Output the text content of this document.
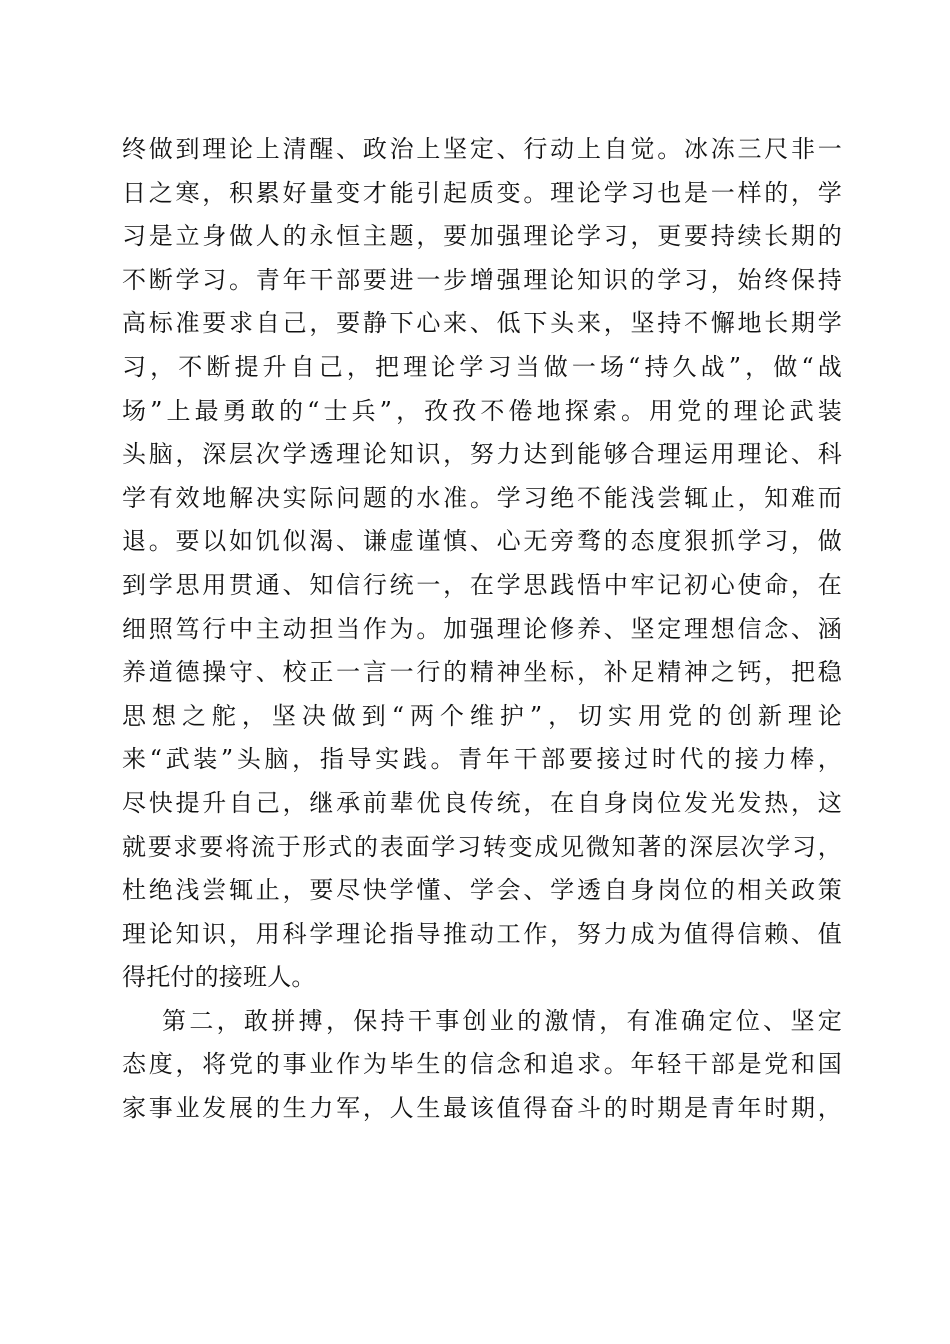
终做到理论上清醒、政治上坚定、行动上自觉。冰冻三尺非一
日之寒，积累好量变才能引起质变。理论学习也是一样的，学
习是立身做人的永恒主题，要加强理论学习，更要持续长期的
不断学习。青年干部要进一步增强理论知识的学习，始终保持
高标准要求自己，要静下心来、低下头来，坚持不懈地长期学
习，不断提升自己，把理论学习当做一场“持久战”，做“战
场”上最勇敢的“士兵”，孜孜不倦地探索。用党的理论武装
头脑，深层次学透理论知识，努力达到能够合理运用理论、科
学有效地解决实际问题的水准。学习绝不能浅尝辄止，知难而
退。要以如饥似渴、谦虚谨慎、心无旁骛的态度狠抓学习，做
到学思用贯通、知信行统一，在学思践悟中牢记初心使命，在
细照笃行中主动担当作为。加强理论修养、坚定理想信念、涵
养道德操守、校正一言一行的精神坐标，补足精神之钙，把稳
思想之舵，坚决做到“两个维护”，切实用党的创新理论
来“武装”头脑，指导实践。青年干部要接过时代的接力棒，
尽快提升自己，继承前辈优良传统，在自身岗位发光发热，这
就要求要将流于形式的表面学习转变成见微知著的深层次学习，
杜绝浅尝辄止，要尽快学懂、学会、学透自身岗位的相关政策
理论知识，用科学理论指导推动工作，努力成为值得信赖、值
得托付的接班人。
第二，敢拼搏，保持干事创业的激情，有准确定位、坚定
态度，将党的事业作为毕生的信念和追求。年轻干部是党和国
家事业发展的生力军，人生最该值得奋斗的时期是青年时期，
